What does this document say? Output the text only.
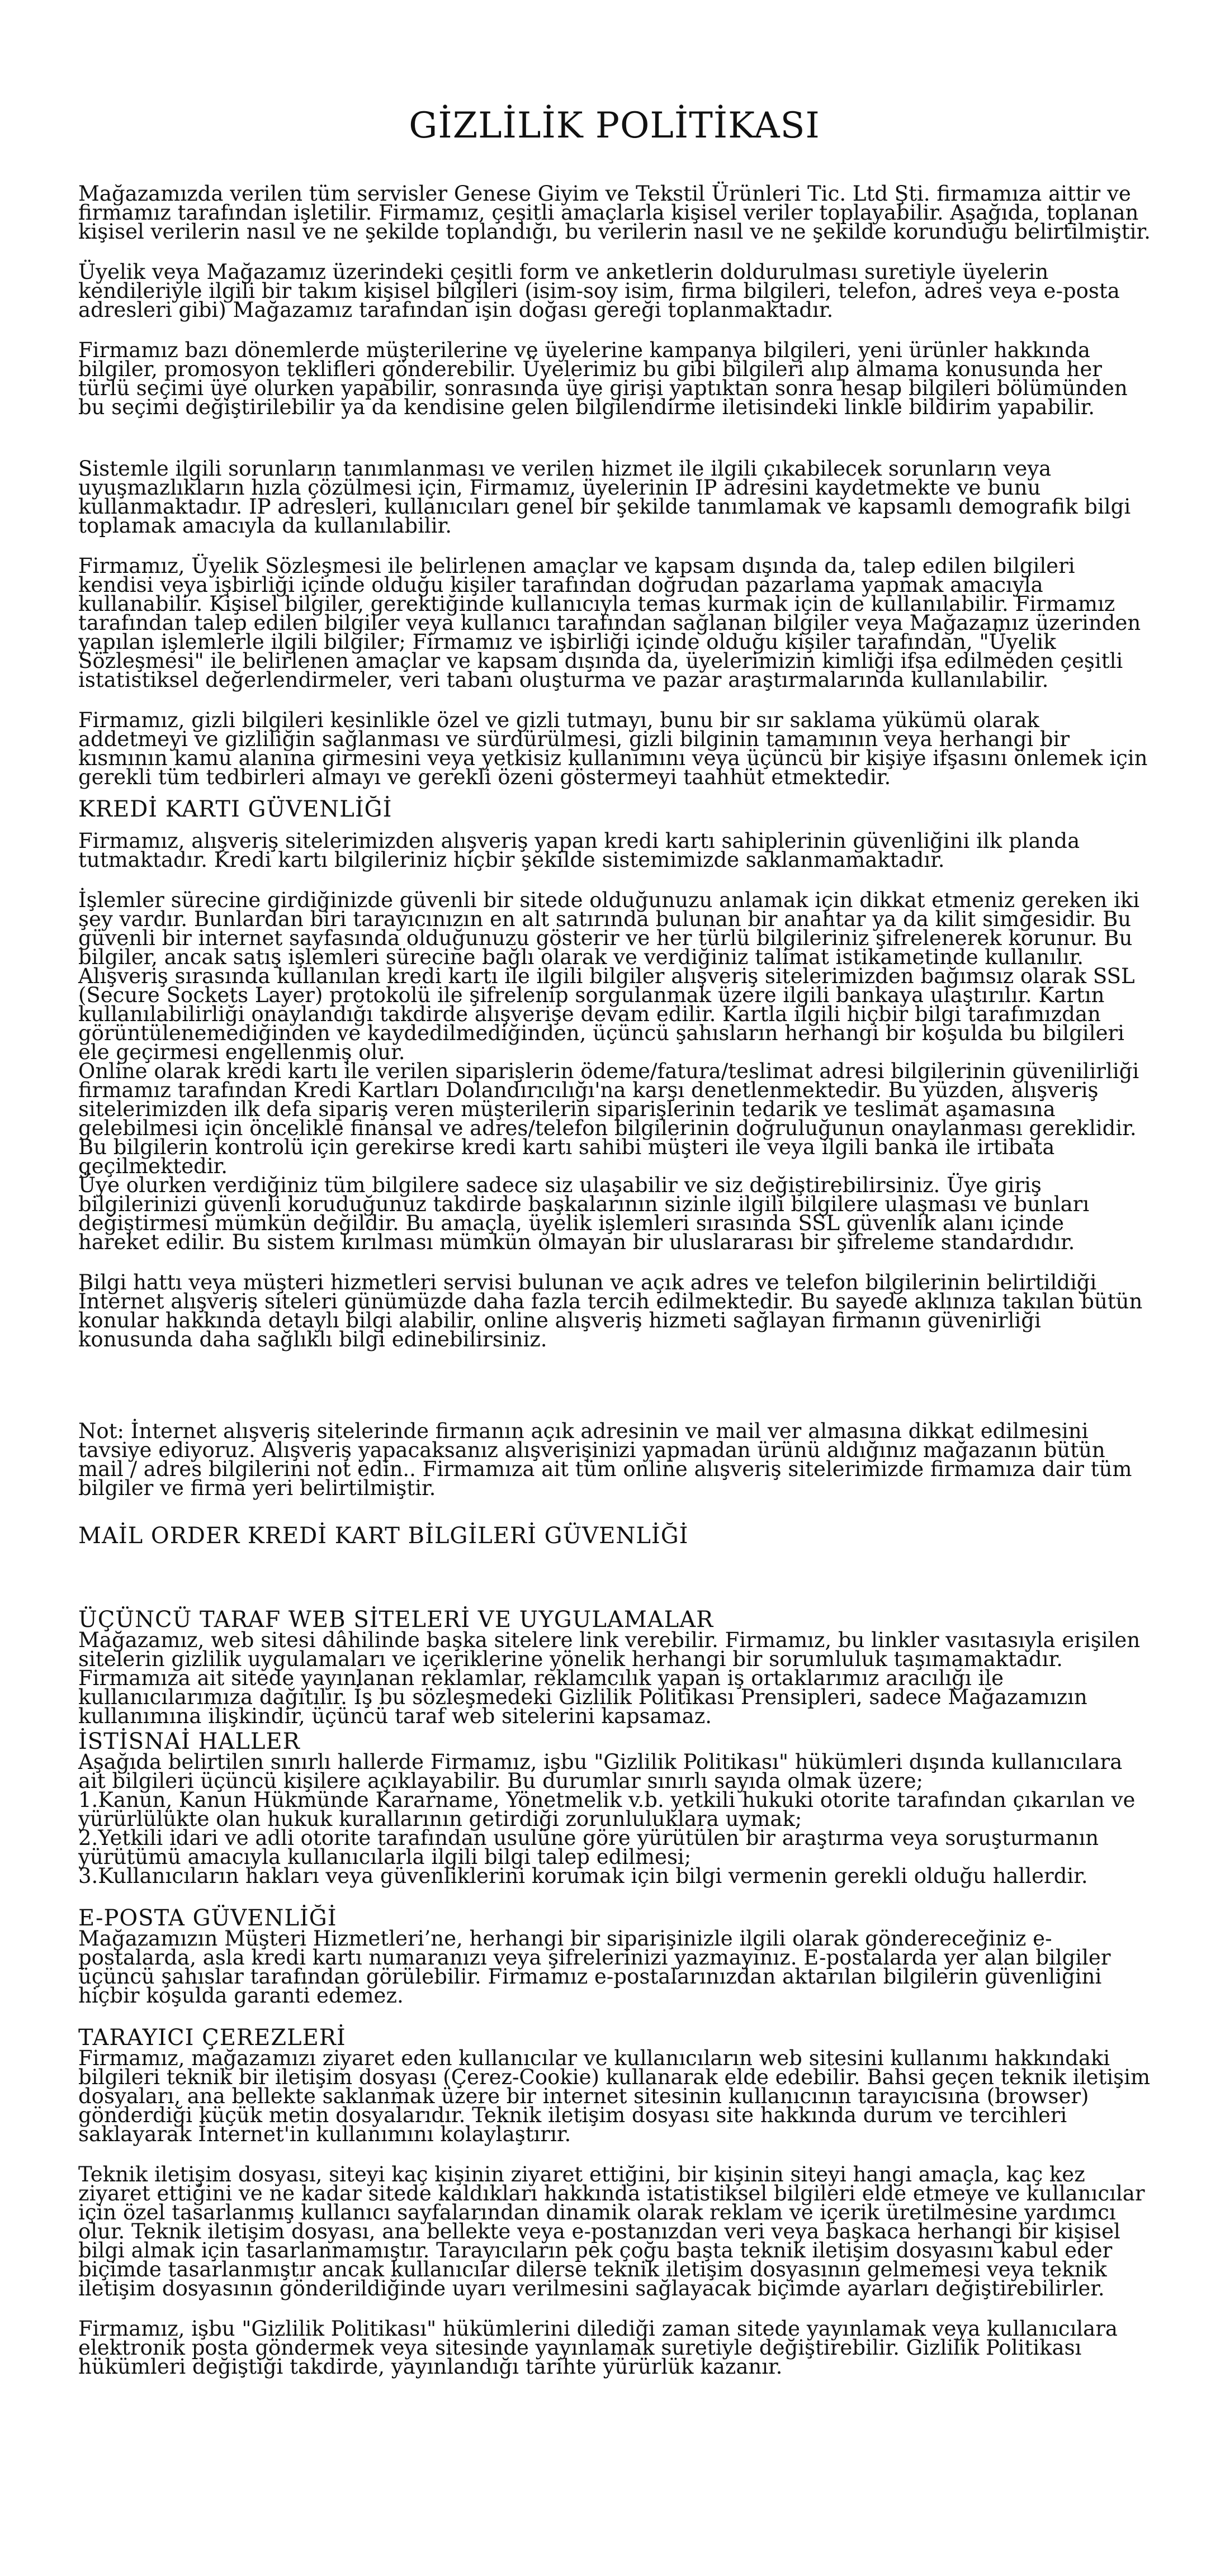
GİZLİLİK POLİTİKASI

Mağazamızda verilen tüm servisler Genese Giyim ve Tekstil Ürünleri Tic. Ltd Şti. firmamıza aittir ve firmamız tarafından işletilir. Firmamız, çeşitli amaçlarla kişisel veriler toplayabilir. Aşağıda, toplanan kişisel verilerin nasıl ve ne şekilde toplandığı, bu verilerin nasıl ve ne şekilde korunduğu belirtilmiştir.

Üyelik veya Mağazamız üzerindeki çeşitli form ve anketlerin doldurulması suretiyle üyelerin kendileriyle ilgili bir takım kişisel bilgileri (isim-soy isim, firma bilgileri, telefon, adres veya e-posta adresleri gibi) Mağazamız tarafından işin doğası gereği toplanmaktadır.

Firmamız bazı dönemlerde müşterilerine ve üyelerine kampanya bilgileri, yeni ürünler hakkında bilgiler, promosyon teklifleri gönderebilir. Üyelerimiz bu gibi bilgileri alıp almama konusunda her türlü seçimi üye olurken yapabilir, sonrasında üye girişi yaptıktan sonra hesap bilgileri bölümünden bu seçimi değiştirilebilir ya da kendisine gelen bilgilendirme iletisindeki linkle bildirim yapabilir.

Sistemle ilgili sorunların tanımlanması ve verilen hizmet ile ilgili çıkabilecek sorunların veya uyuşmazlıkların hızla çözülmesi için, Firmamız, üyelerinin IP adresini kaydetmekte ve bunu kullanmaktadır. IP adresleri, kullanıcıları genel bir şekilde tanımlamak ve kapsamlı demografik bilgi toplamak amacıyla da kullanılabilir.

Firmamız, Üyelik Sözleşmesi ile belirlenen amaçlar ve kapsam dışında da, talep edilen bilgileri kendisi veya işbirliği içinde olduğu kişiler tarafından doğrudan pazarlama yapmak amacıyla kullanabilir. Kişisel bilgiler, gerektiğinde kullanıcıyla temas kurmak için de kullanılabilir. Firmamız tarafından talep edilen bilgiler veya kullanıcı tarafından sağlanan bilgiler veya Mağazamız üzerinden yapılan işlemlerle ilgili bilgiler; Firmamız ve işbirliği içinde olduğu kişiler tarafından, "Üyelik Sözleşmesi" ile belirlenen amaçlar ve kapsam dışında da, üyelerimizin kimliği ifşa edilmeden çeşitli istatistiksel değerlendirmeler, veri tabanı oluşturma ve pazar araştırmalarında kullanılabilir.

Firmamız, gizli bilgileri kesinlikle özel ve gizli tutmayı, bunu bir sır saklama yükümü olarak addetmeyi ve gizliliğin sağlanması ve sürdürülmesi, gizli bilginin tamamının veya herhangi bir kısmının kamu alanına girmesini veya yetkisiz kullanımını veya üçüncü bir kişiye ifşasını önlemek için gerekli tüm tedbirleri almayı ve gerekli özeni göstermeyi taahhüt etmektedir.

KREDİ KARTI GÜVENLİĞİ

Firmamız, alışveriş sitelerimizden alışveriş yapan kredi kartı sahiplerinin güvenliğini ilk planda tutmaktadır. Kredi kartı bilgileriniz hiçbir şekilde sistemimizde saklanmamaktadır.

İşlemler sürecine girdiğinizde güvenli bir sitede olduğunuzu anlamak için dikkat etmeniz gereken iki şey vardır. Bunlardan biri tarayıcınızın en alt satırında bulunan bir anahtar ya da kilit simgesidir. Bu güvenli bir internet sayfasında olduğunuzu gösterir ve her türlü bilgileriniz şifrelenerek korunur. Bu bilgiler, ancak satış işlemleri sürecine bağlı olarak ve verdiğiniz talimat istikametinde kullanılır. Alışveriş sırasında kullanılan kredi kartı ile ilgili bilgiler alışveriş sitelerimizden bağımsız olarak SSL (Secure Sockets Layer) protokolü ile şifrelenip sorgulanmak üzere ilgili bankaya ulaştırılır. Kartın kullanılabilirliği onaylandığı takdirde alışverişe devam edilir. Kartla ilgili hiçbir bilgi tarafımızdan görüntülenemediğinden ve kaydedilmediğinden, üçüncü şahısların herhangi bir koşulda bu bilgileri ele geçirmesi engellenmiş olur.

Online olarak kredi kartı ile verilen siparişlerin ödeme/fatura/teslimat adresi bilgilerinin güvenilirliği firmamız tarafından Kredi Kartları Dolandırıcılığı'na karşı denetlenmektedir. Bu yüzden, alışveriş sitelerimizden ilk defa sipariş veren müşterilerin siparişlerinin tedarik ve teslimat aşamasına gelebilmesi için öncelikle finansal ve adres/telefon bilgilerinin doğruluğunun onaylanması gereklidir. Bu bilgilerin kontrolü için gerekirse kredi kartı sahibi müşteri ile veya ilgili banka ile irtibata geçilmektedir.

Üye olurken verdiğiniz tüm bilgilere sadece siz ulaşabilir ve siz değiştirebilirsiniz. Üye giriş bilgilerinizi güvenli koruduğunuz takdirde başkalarının sizinle ilgili bilgilere ulaşması ve bunları değiştirmesi mümkün değildir. Bu amaçla, üyelik işlemleri sırasında SSL güvenlik alanı içinde hareket edilir. Bu sistem kırılması mümkün olmayan bir uluslararası bir şifreleme standardıdır.

Bilgi hattı veya müşteri hizmetleri servisi bulunan ve açık adres ve telefon bilgilerinin belirtildiği İnternet alışveriş siteleri günümüzde daha fazla tercih edilmektedir. Bu sayede aklınıza takılan bütün konular hakkında detaylı bilgi alabilir, online alışveriş hizmeti sağlayan firmanın güvenirliği konusunda daha sağlıklı bilgi edinebilirsiniz.

Not: İnternet alışveriş sitelerinde firmanın açık adresinin ve mail ver almasına dikkat edilmesini tavsiye ediyoruz. Alışveriş yapacaksanız alışverişinizi yapmadan ürünü aldığınız mağazanın bütün mail / adres bilgilerini not edin.. Firmamıza ait tüm online alışveriş sitelerimizde firmamıza dair tüm bilgiler ve firma yeri belirtilmiştir.

MAİL ORDER KREDİ KART BİLGİLERİ GÜVENLİĞİ
ÜÇÜNCÜ TARAF WEB SİTELERİ VE UYGULAMALAR

Mağazamız, web sitesi dâhilinde başka sitelere link verebilir. Firmamız, bu linkler vasıtasıyla erişilen sitelerin gizlilik uygulamaları ve içeriklerine yönelik herhangi bir sorumluluk taşımamaktadır. Firmamıza ait sitede yayınlanan reklamlar, reklamcılık yapan iş ortaklarımız aracılığı ile kullanıcılarımıza dağıtılır. İş bu sözleşmedeki Gizlilik Politikası Prensipleri, sadece Mağazamızın kullanımına ilişkindir, üçüncü taraf web sitelerini kapsamaz.

İSTİSNAİ HALLER

Aşağıda belirtilen sınırlı hallerde Firmamız, işbu "Gizlilik Politikası" hükümleri dışında kullanıcılara ait bilgileri üçüncü kişilere açıklayabilir. Bu durumlar sınırlı sayıda olmak üzere;

1.Kanun, Kanun Hükmünde Kararname, Yönetmelik v.b. yetkili hukuki otorite tarafından çıkarılan ve yürürlülükte olan hukuk kurallarının getirdiği zorunluluklara uymak;

2.Yetkili idari ve adli otorite tarafından usulüne göre yürütülen bir araştırma veya soruşturmanın yürütümü amacıyla kullanıcılarla ilgili bilgi talep edilmesi;

3.Kullanıcıların hakları veya güvenliklerini korumak için bilgi vermenin gerekli olduğu hallerdir.

E-POSTA GÜVENLİĞİ

Mağazamızın Müşteri Hizmetleri’ne, herhangi bir siparişinizle ilgili olarak göndereceğiniz e-postalarda, asla kredi kartı numaranızı veya şifrelerinizi yazmayınız. E-postalarda yer alan bilgiler üçüncü şahıslar tarafından görülebilir. Firmamız e-postalarınızdan aktarılan bilgilerin güvenliğini hiçbir koşulda garanti edemez.

TARAYICI ÇEREZLERİ

Firmamız, mağazamızı ziyaret eden kullanıcılar ve kullanıcıların web sitesini kullanımı hakkındaki bilgileri teknik bir iletişim dosyası (Çerez-Cookie) kullanarak elde edebilir. Bahsi geçen teknik iletişim dosyaları, ana bellekte saklanmak üzere bir internet sitesinin kullanıcının tarayıcısına (browser) gönderdiği küçük metin dosyalarıdır. Teknik iletişim dosyası site hakkında durum ve tercihleri saklayarak İnternet'in kullanımını kolaylaştırır.

Teknik iletişim dosyası, siteyi kaç kişinin ziyaret ettiğini, bir kişinin siteyi hangi amaçla, kaç kez ziyaret ettiğini ve ne kadar sitede kaldıkları hakkında istatistiksel bilgileri elde etmeye ve kullanıcılar için özel tasarlanmış kullanıcı sayfalarından dinamik olarak reklam ve içerik üretilmesine yardımcı olur. Teknik iletişim dosyası, ana bellekte veya e-postanızdan veri veya başkaca herhangi bir kişisel bilgi almak için tasarlanmamıştır. Tarayıcıların pek çoğu başta teknik iletişim dosyasını kabul eder biçimde tasarlanmıştır ancak kullanıcılar dilerse teknik iletişim dosyasının gelmemesi veya teknik iletişim dosyasının gönderildiğinde uyarı verilmesini sağlayacak biçimde ayarları değiştirebilirler.

Firmamız, işbu "Gizlilik Politikası" hükümlerini dilediği zaman sitede yayınlamak veya kullanıcılara elektronik posta göndermek veya sitesinde yayınlamak suretiyle değiştirebilir. Gizlilik Politikası hükümleri değiştiği takdirde, yayınlandığı tarihte yürürlük kazanır.
